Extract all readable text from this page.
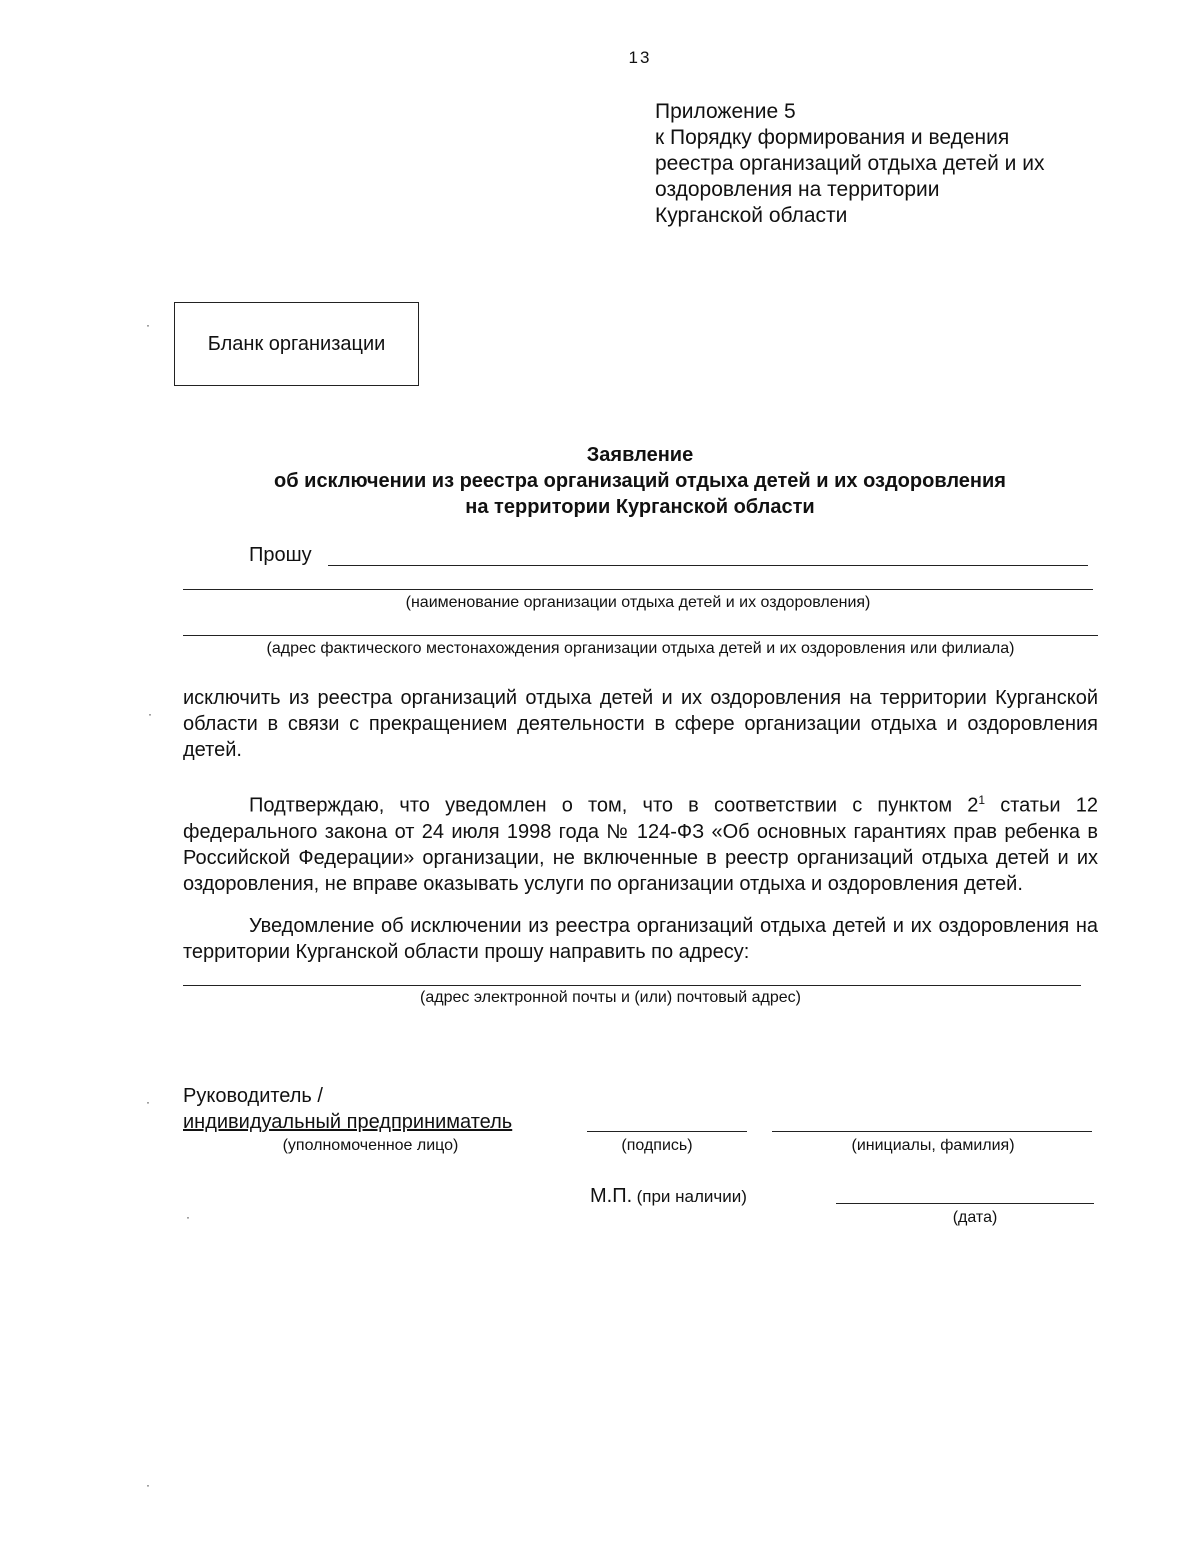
13
Приложение 5
к Порядку формирования и ведения
реестра организаций отдыха детей и их
оздоровления на территории
Курганской области
Бланк организации
Заявление
об исключении из реестра организаций отдыха детей и их оздоровления
на территории Курганской области
Прошу
(наименование организации отдыха детей и их оздоровления)
(адрес фактического местонахождения организации отдыха детей и их оздоровления или филиала)
исключить из реестра организаций отдыха детей и их оздоровления на территории Курганской области в связи с прекращением деятельности в сфере организации отдыха и оздоровления детей.
Подтверждаю, что уведомлен о том, что в соответствии с пунктом $2^1$ статьи 12 федерального закона от 24 июля 1998 года № 124-ФЗ «Об основных гарантиях прав ребенка в Российской Федерации» организации, не включенные в реестр организаций отдыха детей и их оздоровления, не вправе оказывать услуги по организации отдыха и оздоровления детей.
Уведомление об исключении из реестра организаций отдыха детей и их оздоровления на территории Курганской области прошу направить по адресу:
(адрес электронной почты и (или) почтовый адрес)
Руководитель /
индивидуальный предприниматель
(уполномоченное лицо)	(подпись)	(инициалы, фамилия)
М.П. (при наличии)
(дата)
·
·
·
·
·
